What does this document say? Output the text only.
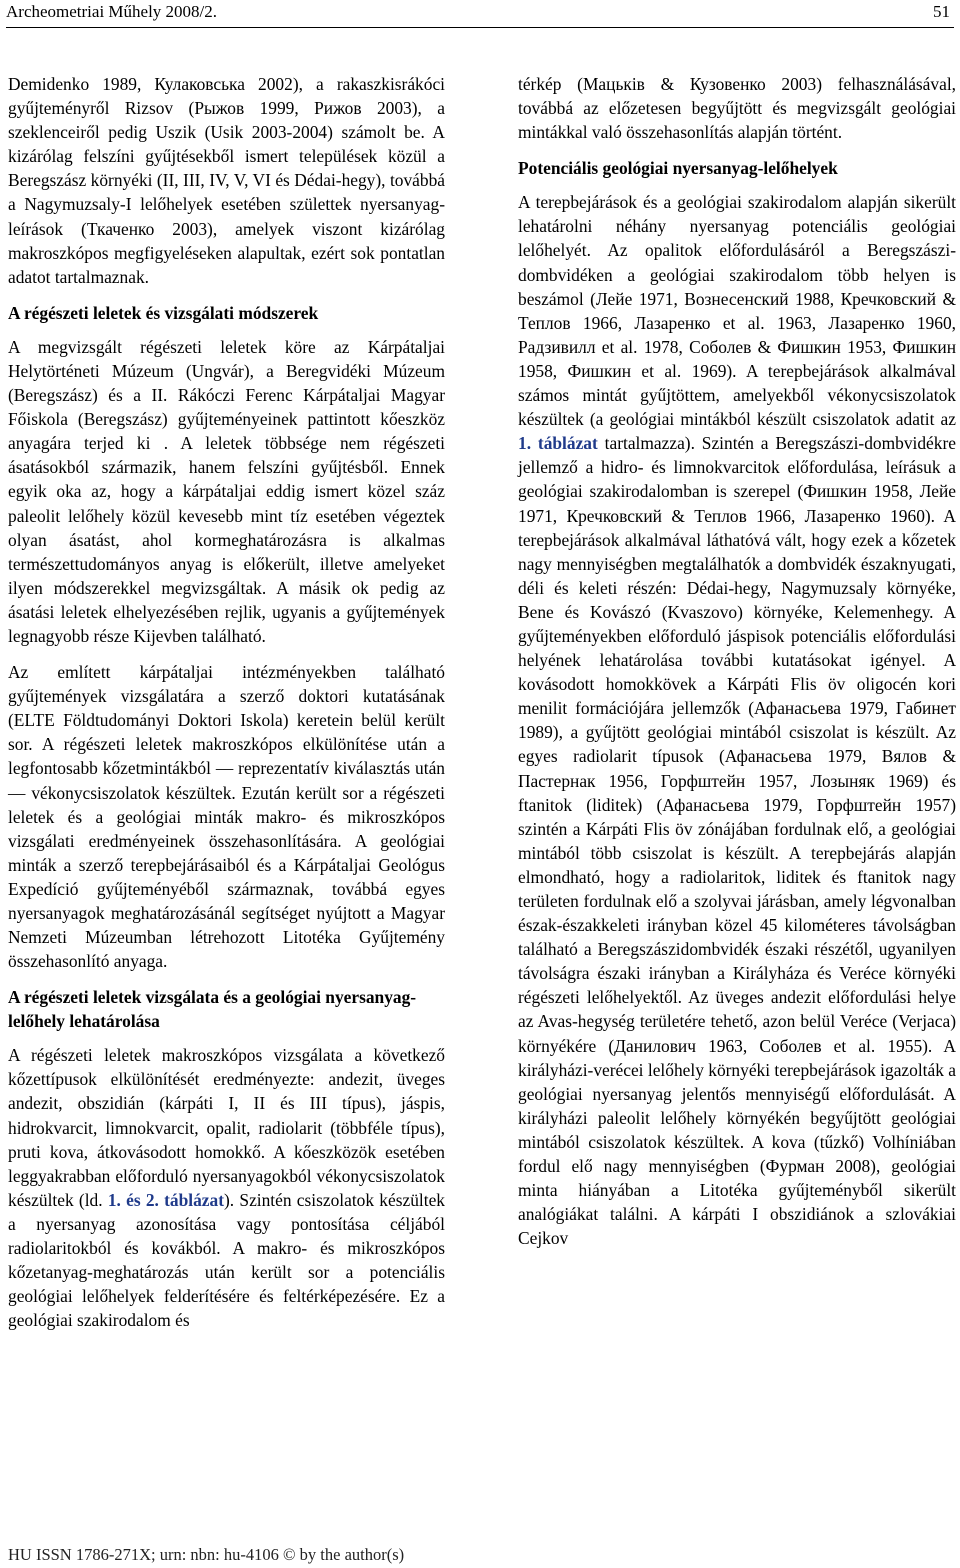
Archeometriai Műhely 2008/2.	51

Demidenko 1989, Кулаковська 2002), a rakaszkisrákóci gyűjteményről Rizsov (Рыжов 1999, Рижов 2003), a szeklenceiről pedig Uszik (Usik 2003-2004) számolt be. A kizárólag felszíni gyűjtésekből ismert települések közül a Beregszász környéki (II, III, IV, V, VI és Dédai-hegy), továbbá a Nagymuzsaly-I lelőhelyek esetében születtek nyersanyag-leírások (Ткаченко 2003), amelyek viszont kizárólag makroszkópos megfigyeléseken alapultak, ezért sok pontatlan adatot tartalmaznak.

A régészeti leletek és vizsgálati módszerek

A megvizsgált régészeti leletek köre az Kárpátaljai Helytörténeti Múzeum (Ungvár), a Beregvidéki Múzeum (Beregszász) és a II. Rákóczi Ferenc Kárpátaljai Magyar Főiskola (Beregszász) gyűjteményeinek pattintott kőeszköz anyagára terjed ki . A leletek többsége nem régészeti ásatásokból származik, hanem felszíni gyűjtésből. Ennek egyik oka az, hogy a kárpátaljai eddig ismert közel száz paleolit lelőhely közül kevesebb mint tíz esetében végeztek olyan ásatást, ahol kormeghatározásra is alkalmas természettudományos anyag is előkerült, illetve amelyeket ilyen módszerekkel megvizsgáltak. A másik ok pedig az ásatási leletek elhelyezésében rejlik, ugyanis a gyűjtemények legnagyobb része Kijevben található.

Az említett kárpátaljai intézményekben található gyűjtemények vizsgálatára a szerző doktori kutatásának (ELTE Földtudományi Doktori Iskola) keretein belül került sor. A régészeti leletek makroszkópos elkülönítése után a legfontosabb kőzetmintákból ― reprezentatív kiválasztás után ― vékonycsiszolatok készültek. Ezután került sor a régészeti leletek és a geológiai minták makro- és mikroszkópos vizsgálati eredményeinek összehasonlítására. A geológiai minták a szerző terepbejárásaiból és a Kárpátaljai Geológus Expedíció gyűjteményéből származnak, továbbá egyes nyersanyagok meghatározásánál segítséget nyújtott a Magyar Nemzeti Múzeumban létrehozott Litotéka Gyűjtemény összehasonlító anyaga.

A régészeti leletek vizsgálata és a geológiai nyersanyag-lelőhely lehatárolása

A régészeti leletek makroszkópos vizsgálata a következő kőzettípusok elkülönítését eredményezte: andezit, üveges andezit, obszidián (kárpáti I, II és III típus), jáspis, hidrokvarcit, limnokvarcit, opalit, radiolarit (többféle típus), pruti kova, átkovásodott homokkő. A kőeszközök esetében leggyakrabban előforduló nyersanyagokból vékonycsiszolatok készültek (ld. 1. és 2. táblázat). Szintén csiszolatok készültek a nyersanyag azonosítása vagy pontosítása céljából radiolaritokból és kovákból. A makro- és mikroszkópos kőzetanyag-meghatározás után került sor a potenciális geológiai lelőhelyek felderítésére és feltérképezésére. Ez a geológiai szakirodalom és

térkép (Мацьків & Кузовенко 2003) felhasználásával, továbbá az előzetesen begyűjtött és megvizsgált geológiai mintákkal való összehasonlítás alapján történt.

Potenciális geológiai nyersanyag-lelőhelyek

A terepbejárások és a geológiai szakirodalom alapján sikerült lehatárolni néhány nyersanyag potenciális geológiai lelőhelyét. Az opalitok előfordulásáról a Beregszászi-dombvidéken a geológiai szakirodalom több helyen is beszámol (Лейе 1971, Вознесенский 1988, Кречковский & Теплов 1966, Лазаренко et al. 1963, Лазаренко 1960, Радзивилл et al. 1978, Соболев & Фишкин 1953, Фишкин 1958, Фишкин et al. 1969). A terepbejárások alkalmával számos mintát gyűjtöttem, amelyekből vékonycsiszolatok készültek (a geológiai mintákból készült csiszolatok adatit az 1. táblázat tartalmazza). Szintén a Beregszászi-dombvidékre jellemző a hidro- és limnokvarcitok előfordulása, leírásuk a geológiai szakirodalomban is szerepel (Фишкин 1958, Лейе 1971, Кречковский & Теплов 1966, Лазаренко 1960). A terepbejárások alkalmával láthatóvá vált, hogy ezek a kőzetek nagy mennyiségben megtalálhatók a dombvidék északnyugati, déli és keleti részén: Dédai-hegy, Nagymuzsaly környéke, Bene és Kovászó (Kvaszovo) környéke, Kelemenhegy. A gyűjteményekben előforduló jáspisok potenciális előfordulási helyének lehatárolása további kutatásokat igényel. A kovásodott homokkövek a Kárpáti Flis öv oligocén kori menilit formációjára jellemzők (Афанасьева 1979, Габинет 1989), a gyűjtött geológiai mintából csiszolat is készült. Az egyes radiolarit típusok (Афанасьева 1979, Вялов & Пастернак 1956, Горфштейн 1957, Лозыняк 1969) és ftanitok (liditek) (Афанасьева 1979, Горфштейн 1957) szintén a Kárpáti Flis öv zónájában fordulnak elő, a geológiai mintából több csiszolat is készült. A terepbejárás alapján elmondható, hogy a radiolaritok, liditek és ftanitok nagy területen fordulnak elő a szolyvai járásban, amely légvonalban észak-északkeleti irányban közel 45 kilométeres távolságban található a Beregszászidombvidék északi részétől, ugyanilyen távolságra északi irányban a Királyháza és Verécе környéki régészeti lelőhelyektől. Az üveges andezit előfordulási helye az Avas-hegység területére tehető, azon belül Verécе (Verjaca) környékére (Данилович 1963, Соболев et al. 1955). A királyházi-verécei lelőhely környéki terepbejárások igazolták a geológiai nyersanyag jelentős mennyiségű előfordulását. A királyházi paleolit lelőhely környékén begyűjtött geológiai mintából csiszolatok készültek. A kova (tűzkő) Volhíniában fordul elő nagy mennyiségben (Фурман 2008), geológiai minta hiányában a Litotéka gyűjteményből sikerült analógiákat találni. A kárpáti I obszidiánok a szlovákiai Cejkov

HU ISSN 1786-271X; urn: nbn: hu-4106 © by the author(s)
